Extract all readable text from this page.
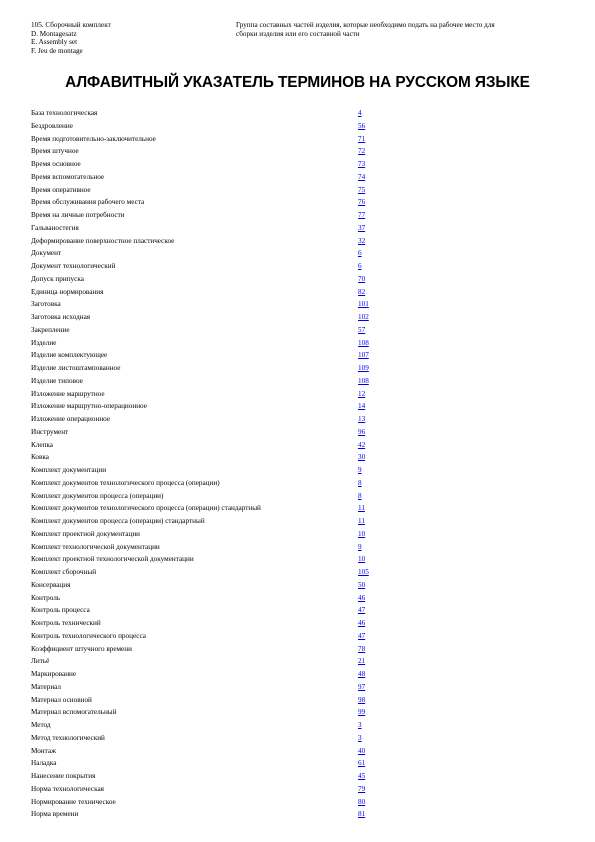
105. Сборочный комплект
D. Montagesatz
E. Assembly set
F. Jeu de montage
Группа составных частей изделия, которые необходимо подать на рабочее место для
сборки изделия или его составной части
АЛФАВИТНЫЙ УКАЗАТЕЛЬ ТЕРМИНОВ НА РУССКОМ ЯЗЫКЕ
База технологическая	4
Бездровление	56
Время подготовительно-заключительное	71
Время штучное	72
Время основное	73
Время вспомогательное	74
Время оперативное	75
Время обслуживания рабочего места	76
Время на личные потребности	77
Гальваностегия	37
Деформирование поверхностное пластическое	32
Документ	6
Документ технологический	6
Допуск припуска	70
Единица нормирования	82
Заготовка	101
Заготовка исходная	102
Закрепление	57
Изделие	108
Изделие комплектующее	107
Изделие листоштампованное	109
Изделие типовое	108
Изложение маршрутное	12
Изложение маршрутно-операционное	14
Изложение операционное	13
Инструмент	96
Клепка	42
Ковка	30
Комплект документации	9
Комплект документов технологического процесса (операции)	8
Комплект документов процесса (операции)	8
Комплект документов технологического процесса (операции) стандартный	11
Комплект документов процесса (операции) стандартный	11
Комплект проектной документации	10
Комплект технологической документации	9
Комплект проектной технологической документации	10
Комплект сборочный	105
Консервация	50
Контроль	46
Контроль процесса	47
Контроль технический	46
Контроль технологического процесса	47
Коэффициент штучного времени	78
Литьё	21
Маркирование	48
Материал	97
Материал основной	98
Материал вспомогательный	99
Метод	3
Метод технологический	3
Монтаж	40
Наладка	61
Нанесение покрытия	45
Норма технологическая	79
Нормирование техническое	80
Норма времени	81
